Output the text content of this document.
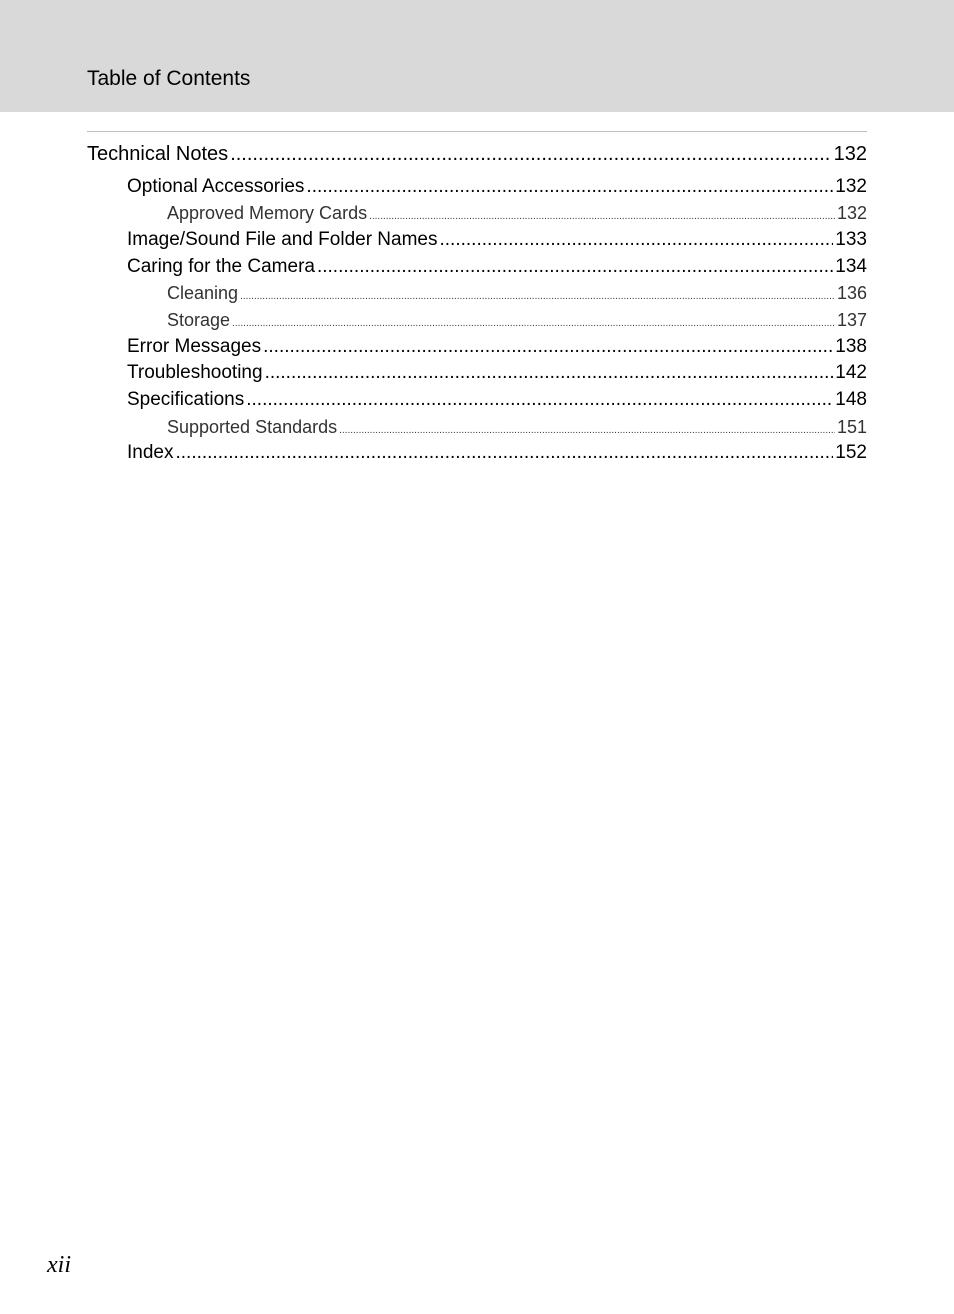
Table of Contents
Technical Notes .....	132
Optional Accessories .....	132
Approved Memory Cards .....	132
Image/Sound File and Folder Names .....	133
Caring for the Camera .....	134
Cleaning .....	136
Storage .....	137
Error Messages .....	138
Troubleshooting .....	142
Specifications .....	148
Supported Standards .....	151
Index .....	152
xii
